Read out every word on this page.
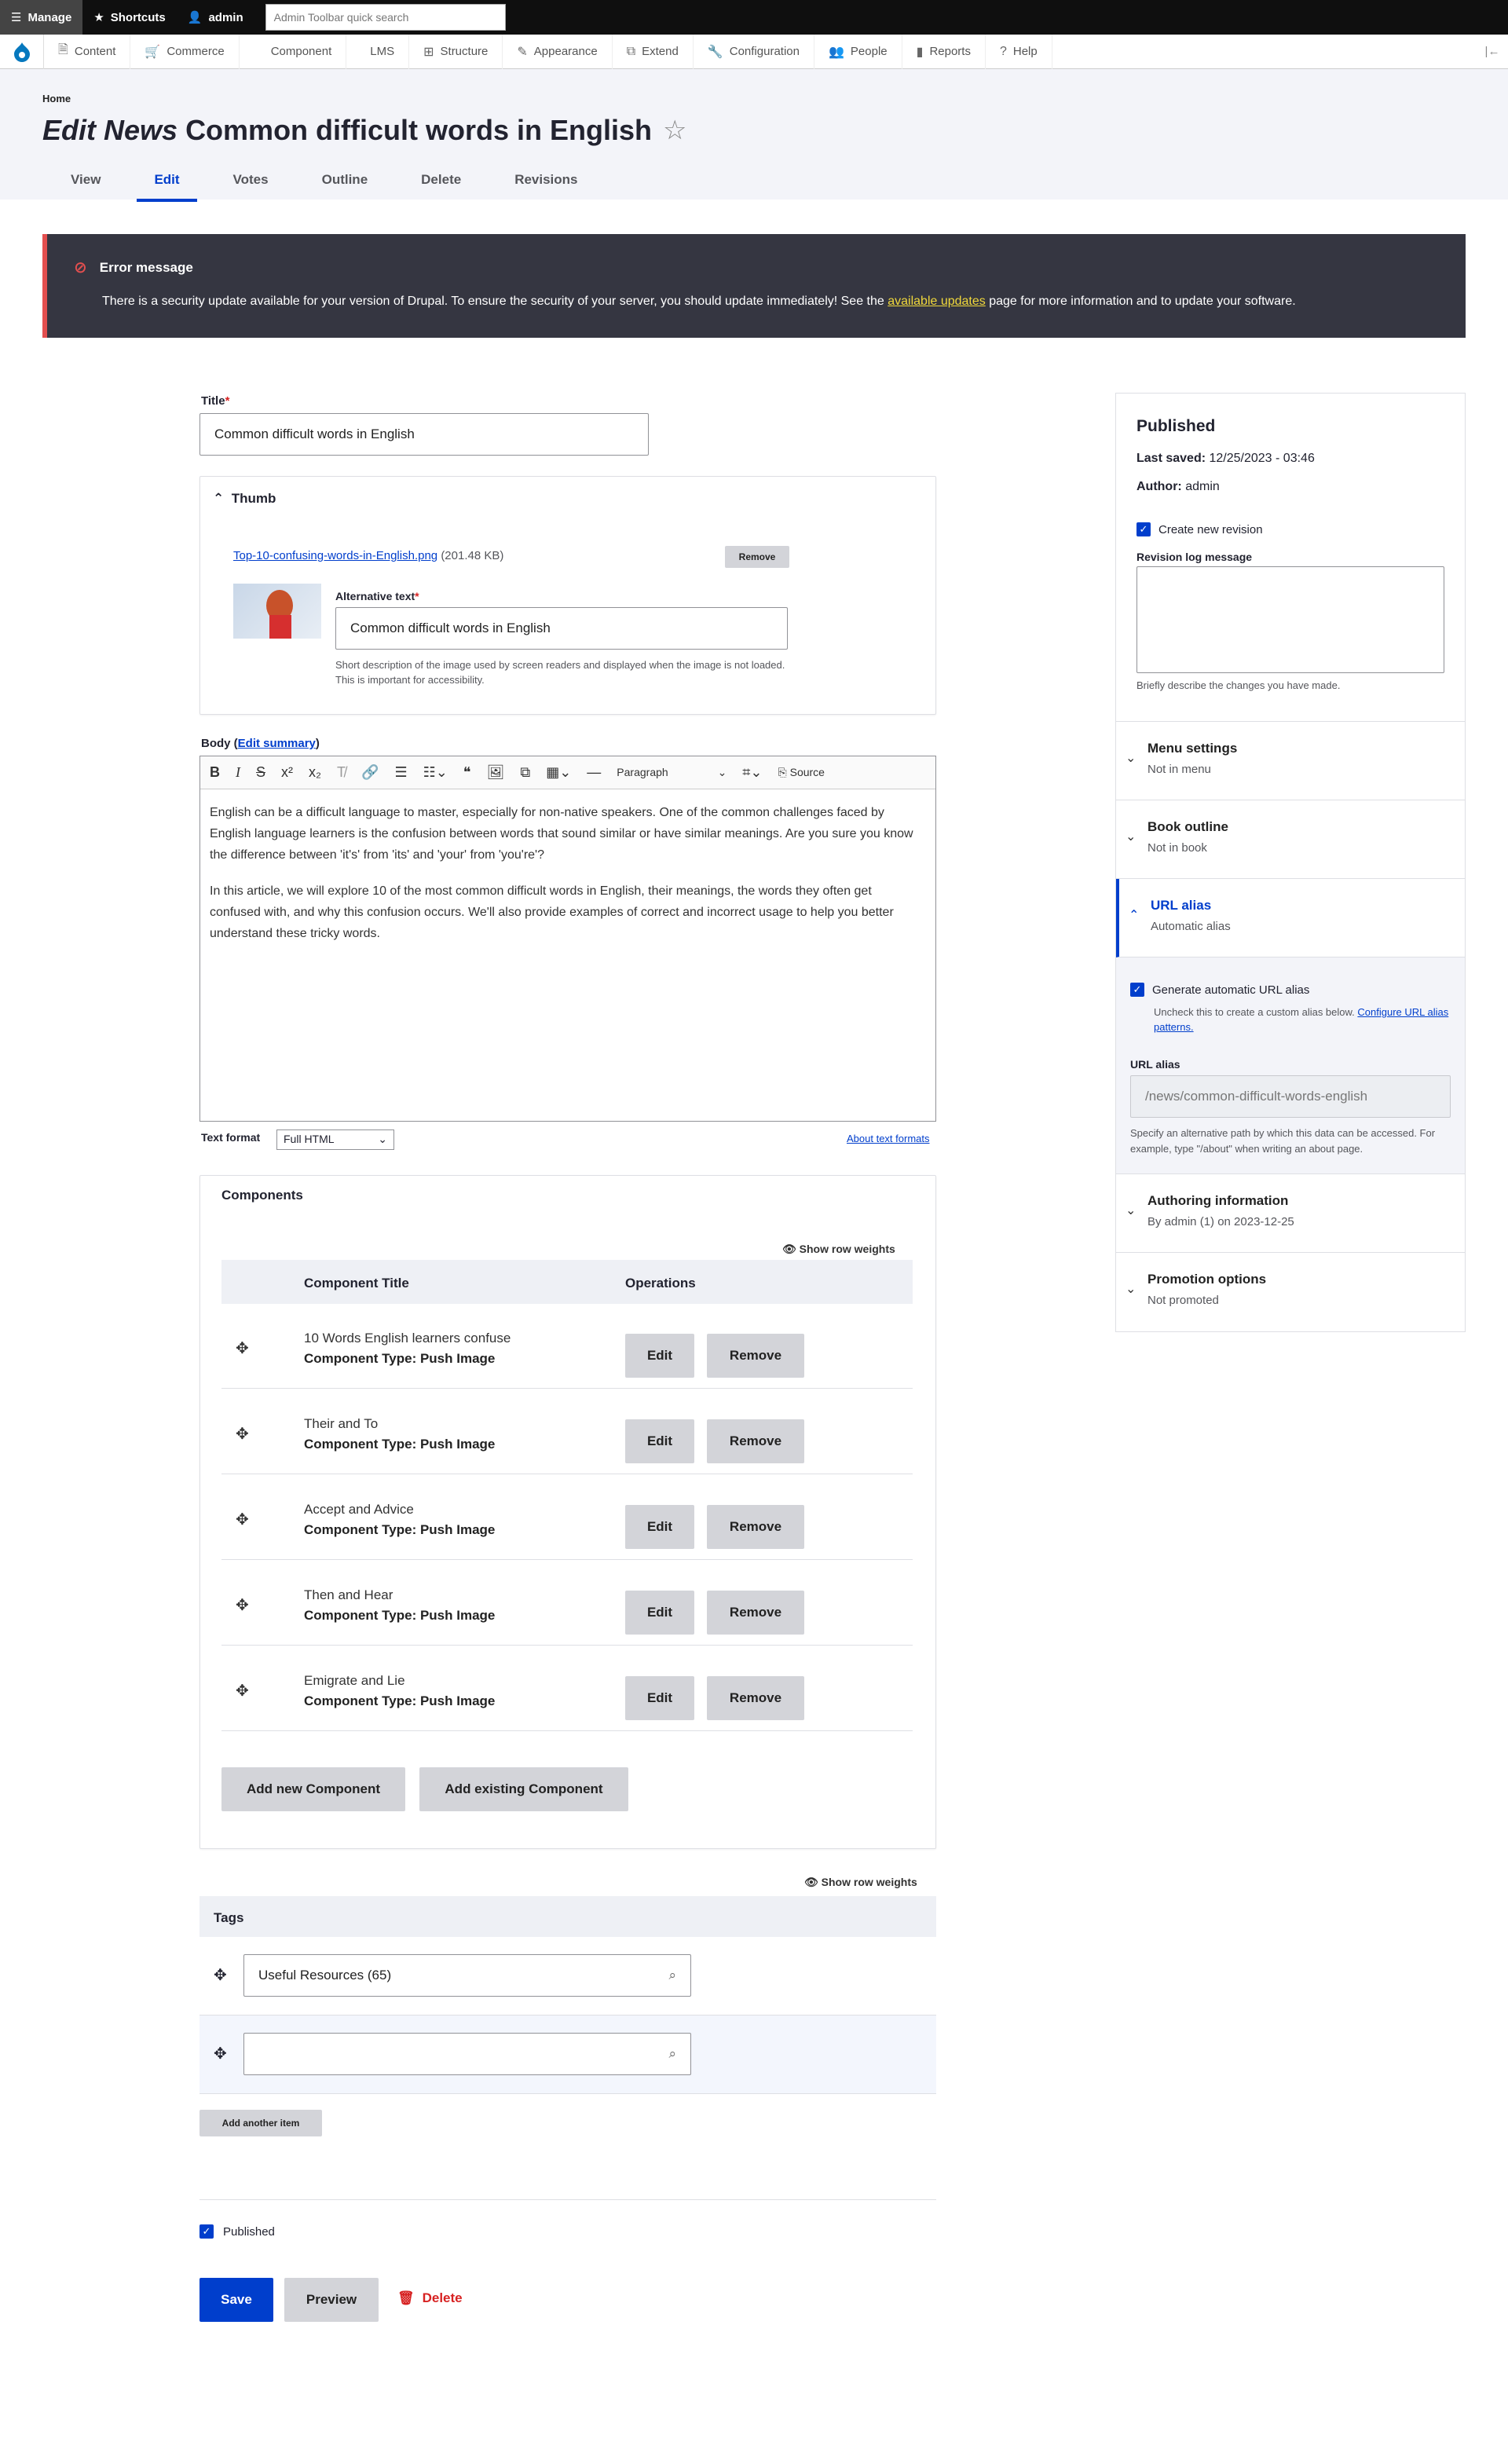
☰ Manage ★ Shortcuts 👤 admin	Admin Toolbar quick search
🗎 Content 🛒 Commerce	Component	LMS ⊞ Structure ✎ Appearance ⧉ Extend 🔧 Configuration 👥 People ▮ Reports ? Help	|←
Home
Edit News Common difficult words in English ☆
View	Edit	Votes	Outline	Delete	Revisions
⊘ Error message
There is a security update available for your version of Drupal. To ensure the security of your server, you should update immediately! See the available updates page for more information and to update your software.
Title*
Common difficult words in English
⌃ Thumb
Top-10-confusing-words-in-English.png (201.48 KB)	Remove
Alternative text*
Common difficult words in English
Short description of the image used by screen readers and displayed when the image is not loaded. This is important for accessibility.
Body (Edit summary)
B I S x² x₂ T̸ 🔗 ☰ ☷⌄ ❝ 🖼 ⧉ ▦⌄ — Paragraph	⌄ ⌗⌄ ⎘ Source
English can be a difficult language to master, especially for non-native speakers. One of the common challenges faced by English language learners is the confusion between words that sound similar or have similar meanings. Are you sure you know the difference between 'it's' from 'its' and 'your' from 'you're'?
In this article, we will explore 10 of the most common difficult words in English, their meanings, the words they often get confused with, and why this confusion occurs. We'll also provide examples of correct and incorrect usage to help you better understand these tricky words.
Text format Full HTML	⌄	About text formats
Components
👁 Show row weights
Component Title	Operations
✥
10 Words English learners confuse
Component Type: Push Image	Edit	Remove
✥
Their and To
Component Type: Push Image	Edit	Remove
✥
Accept and Advice
Component Type: Push Image	Edit	Remove
✥
Then and Hear
Component Type: Push Image	Edit	Remove
✥
Emigrate and Lie
Component Type: Push Image	Edit	Remove
Add new Component	Add existing Component
👁 Show row weights
Tags
✥ Useful Resources (65)	⌕
✥	⌕
Add another item
✓ Published
Save	Preview	🗑 Delete
Published
Last saved: 12/25/2023 - 03:46
Author: admin
✓ Create new revision
Revision log message
Briefly describe the changes you have made.
⌄
Menu settings
Not in menu
⌄
Book outline
Not in book
⌃
URL alias
Automatic alias
✓ Generate automatic URL alias
Uncheck this to create a custom alias below. Configure URL alias patterns.
URL alias
/news/common-difficult-words-english
Specify an alternative path by which this data can be accessed. For example, type "/about" when writing an about page.
⌄
Authoring information
By admin (1) on 2023-12-25
⌄
Promotion options
Not promoted
